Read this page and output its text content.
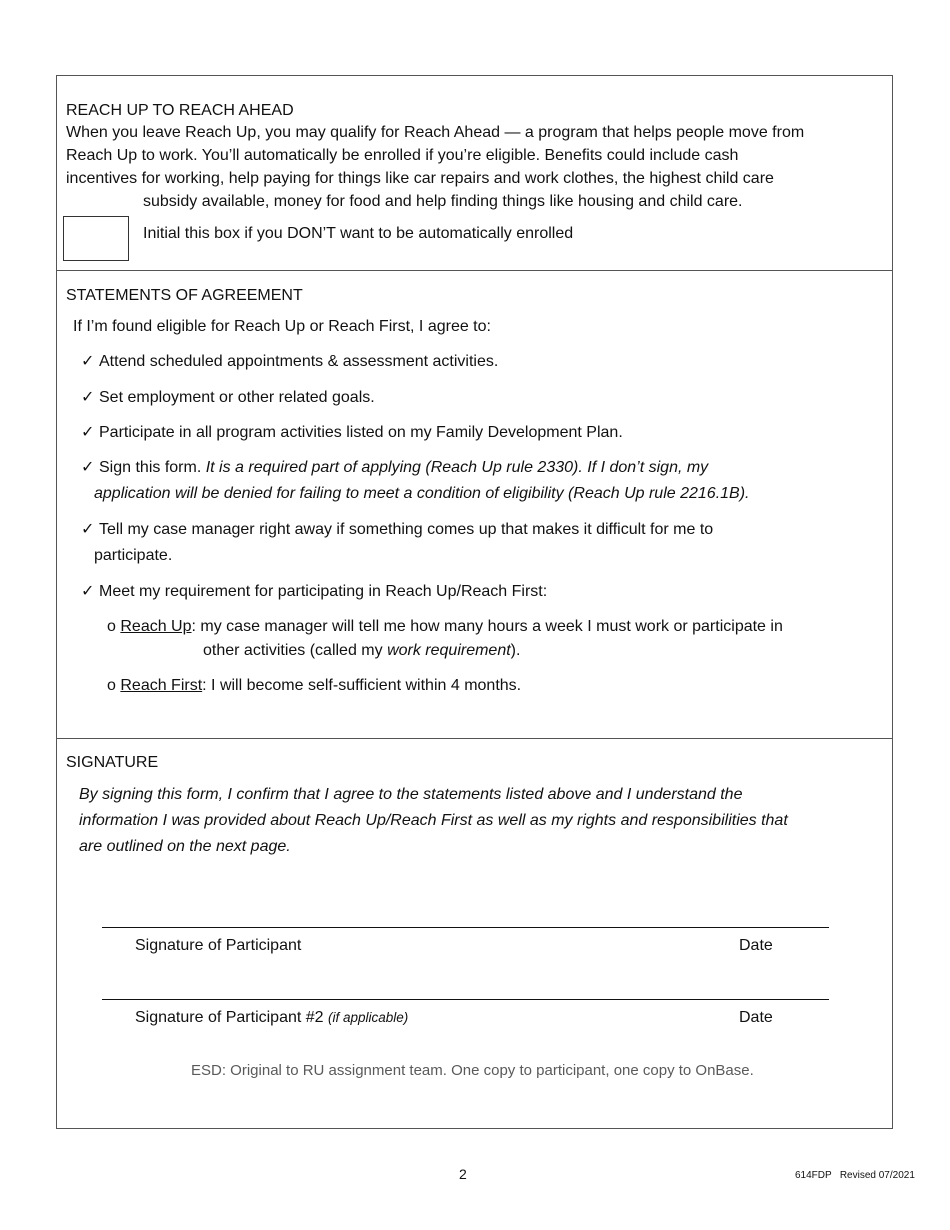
REACH UP TO REACH AHEAD
When you leave Reach Up, you may qualify for Reach Ahead — a program that helps people move from
Reach Up to work. You’ll automatically be enrolled if you’re eligible. Benefits could include cash
incentives for working, help paying for things like car repairs and work clothes, the highest child care
subsidy available, money for food and help finding things like housing and child care.
Initial this box if you DON’T want to be automatically enrolled
STATEMENTS OF AGREEMENT
If I’m found eligible for Reach Up or Reach First, I agree to:
✓ Attend scheduled appointments & assessment activities.
✓ Set employment or other related goals.
✓ Participate in all program activities listed on my Family Development Plan.
✓ Sign this form. It is a required part of applying (Reach Up rule 2330). If I don’t sign, my
application will be denied for failing to meet a condition of eligibility (Reach Up rule 2216.1B).
✓ Tell my case manager right away if something comes up that makes it difficult for me to
participate.
✓ Meet my requirement for participating in Reach Up/Reach First:
o Reach Up: my case manager will tell me how many hours a week I must work or participate in
other activities (called my work requirement).
o Reach First: I will become self-sufficient within 4 months.
SIGNATURE
By signing this form, I confirm that I agree to the statements listed above and I understand the
information I was provided about Reach Up/Reach First as well as my rights and responsibilities that
are outlined on the next page.
Signature of Participant	Date
Signature of Participant #2 (if applicable)	Date
ESD: Original to RU assignment team. One copy to participant, one copy to OnBase.
2	614FDP   Revised 07/2021
